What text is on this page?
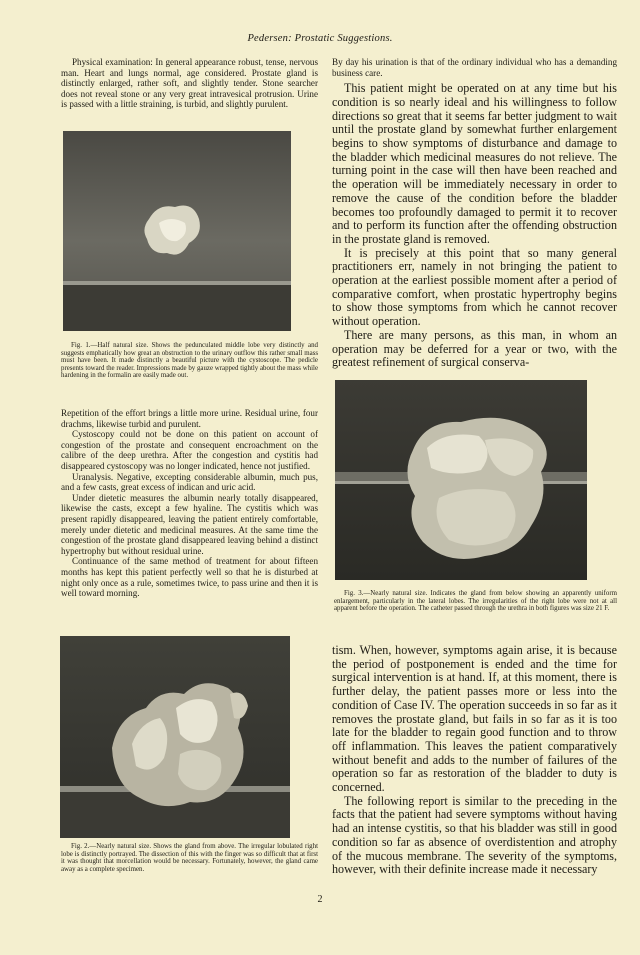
Pedersen: Prostatic Suggestions.

Physical examination: In general appearance robust, tense, nervous man. Heart and lungs normal, age considered. Prostate gland is distinctly enlarged, rather soft, and slightly tender. Stone searcher does not reveal stone or any very great intravesical protrusion. Urine is passed with a little straining, is turbid, and slightly purulent.

Fig. 1.—Half natural size. Shows the pedunculated middle lobe very distinctly and suggests emphatically how great an obstruction to the urinary outflow this rather small mass must have been. It made distinctly a beautiful picture with the cystoscope. The pedicle presents toward the reader. Impressions made by gauze wrapped tightly about the mass while hardening in the formalin are easily made out.

Repetition of the effort brings a little more urine. Residual urine, four drachms, likewise turbid and purulent.

Cystoscopy could not be done on this patient on account of congestion of the prostate and consequent encroachment on the calibre of the deep urethra. After the congestion and cystitis had disappeared cystoscopy was no longer indicated, hence not justified.

Uranalysis. Negative, excepting considerable albumin, much pus, and a few casts, great excess of indican and uric acid.

Under dietetic measures the albumin nearly totally disappeared, likewise the casts, except a few hyaline. The cystitis which was present rapidly disappeared, leaving the patient entirely comfortable, merely under dietetic and medicinal measures. At the same time the congestion of the prostate gland disappeared leaving behind a distinct hypertrophy but without residual urine.

Continuance of the same method of treatment for about fifteen months has kept this patient perfectly well so that he is disturbed at night only once as a rule, sometimes twice, to pass urine and then it is well toward morning.

Fig. 2.—Nearly natural size. Shows the gland from above. The irregular lobulated right lobe is distinctly portrayed. The dissection of this with the finger was so difficult that at first it was thought that morcellation would be necessary. Fortunately, however, the gland came away as a complete specimen.

By day his urination is that of the ordinary individual who has a demanding business care.

This patient might be operated on at any time but his condition is so nearly ideal and his willingness to follow directions so great that it seems far better judgment to wait until the prostate gland by somewhat further enlargement begins to show symptoms of disturbance and damage to the bladder which medicinal measures do not relieve. The turning point in the case will then have been reached and the operation will be immediately necessary in order to remove the cause of the condition before the bladder becomes too profoundly damaged to permit it to recover and to perform its function after the offending obstruction in the prostate gland is removed.

It is precisely at this point that so many general practitioners err, namely in not bringing the patient to operation at the earliest possible moment after a period of comparative comfort, when prostatic hypertrophy begins to show those symptoms from which he cannot recover without operation.

There are many persons, as this man, in whom an operation may be deferred for a year or two, with the greatest refinement of surgical conserva-

Fig. 3.—Nearly natural size. Indicates the gland from below showing an apparently uniform enlargement, particularly in the lateral lobes. The irregularities of the right lobe were not at all apparent before the operation. The catheter passed through the urethra in both figures was size 21 F.

tism. When, however, symptoms again arise, it is because the period of postponement is ended and the time for surgical intervention is at hand. If, at this moment, there is further delay, the patient passes more or less into the condition of Case IV. The operation succeeds in so far as it removes the prostate gland, but fails in so far as it is too late for the bladder to regain good function and to throw off inflammation. This leaves the patient comparatively without benefit and adds to the number of failures of the operation so far as restoration of the bladder to duty is concerned.

The following report is similar to the preceding in the facts that the patient had severe symptoms without having had an intense cystitis, so that his bladder was still in good condition so far as absence of overdistention and atrophy of the mucous membrane. The severity of the symptoms, however, with their definite increase made it necessary

2
